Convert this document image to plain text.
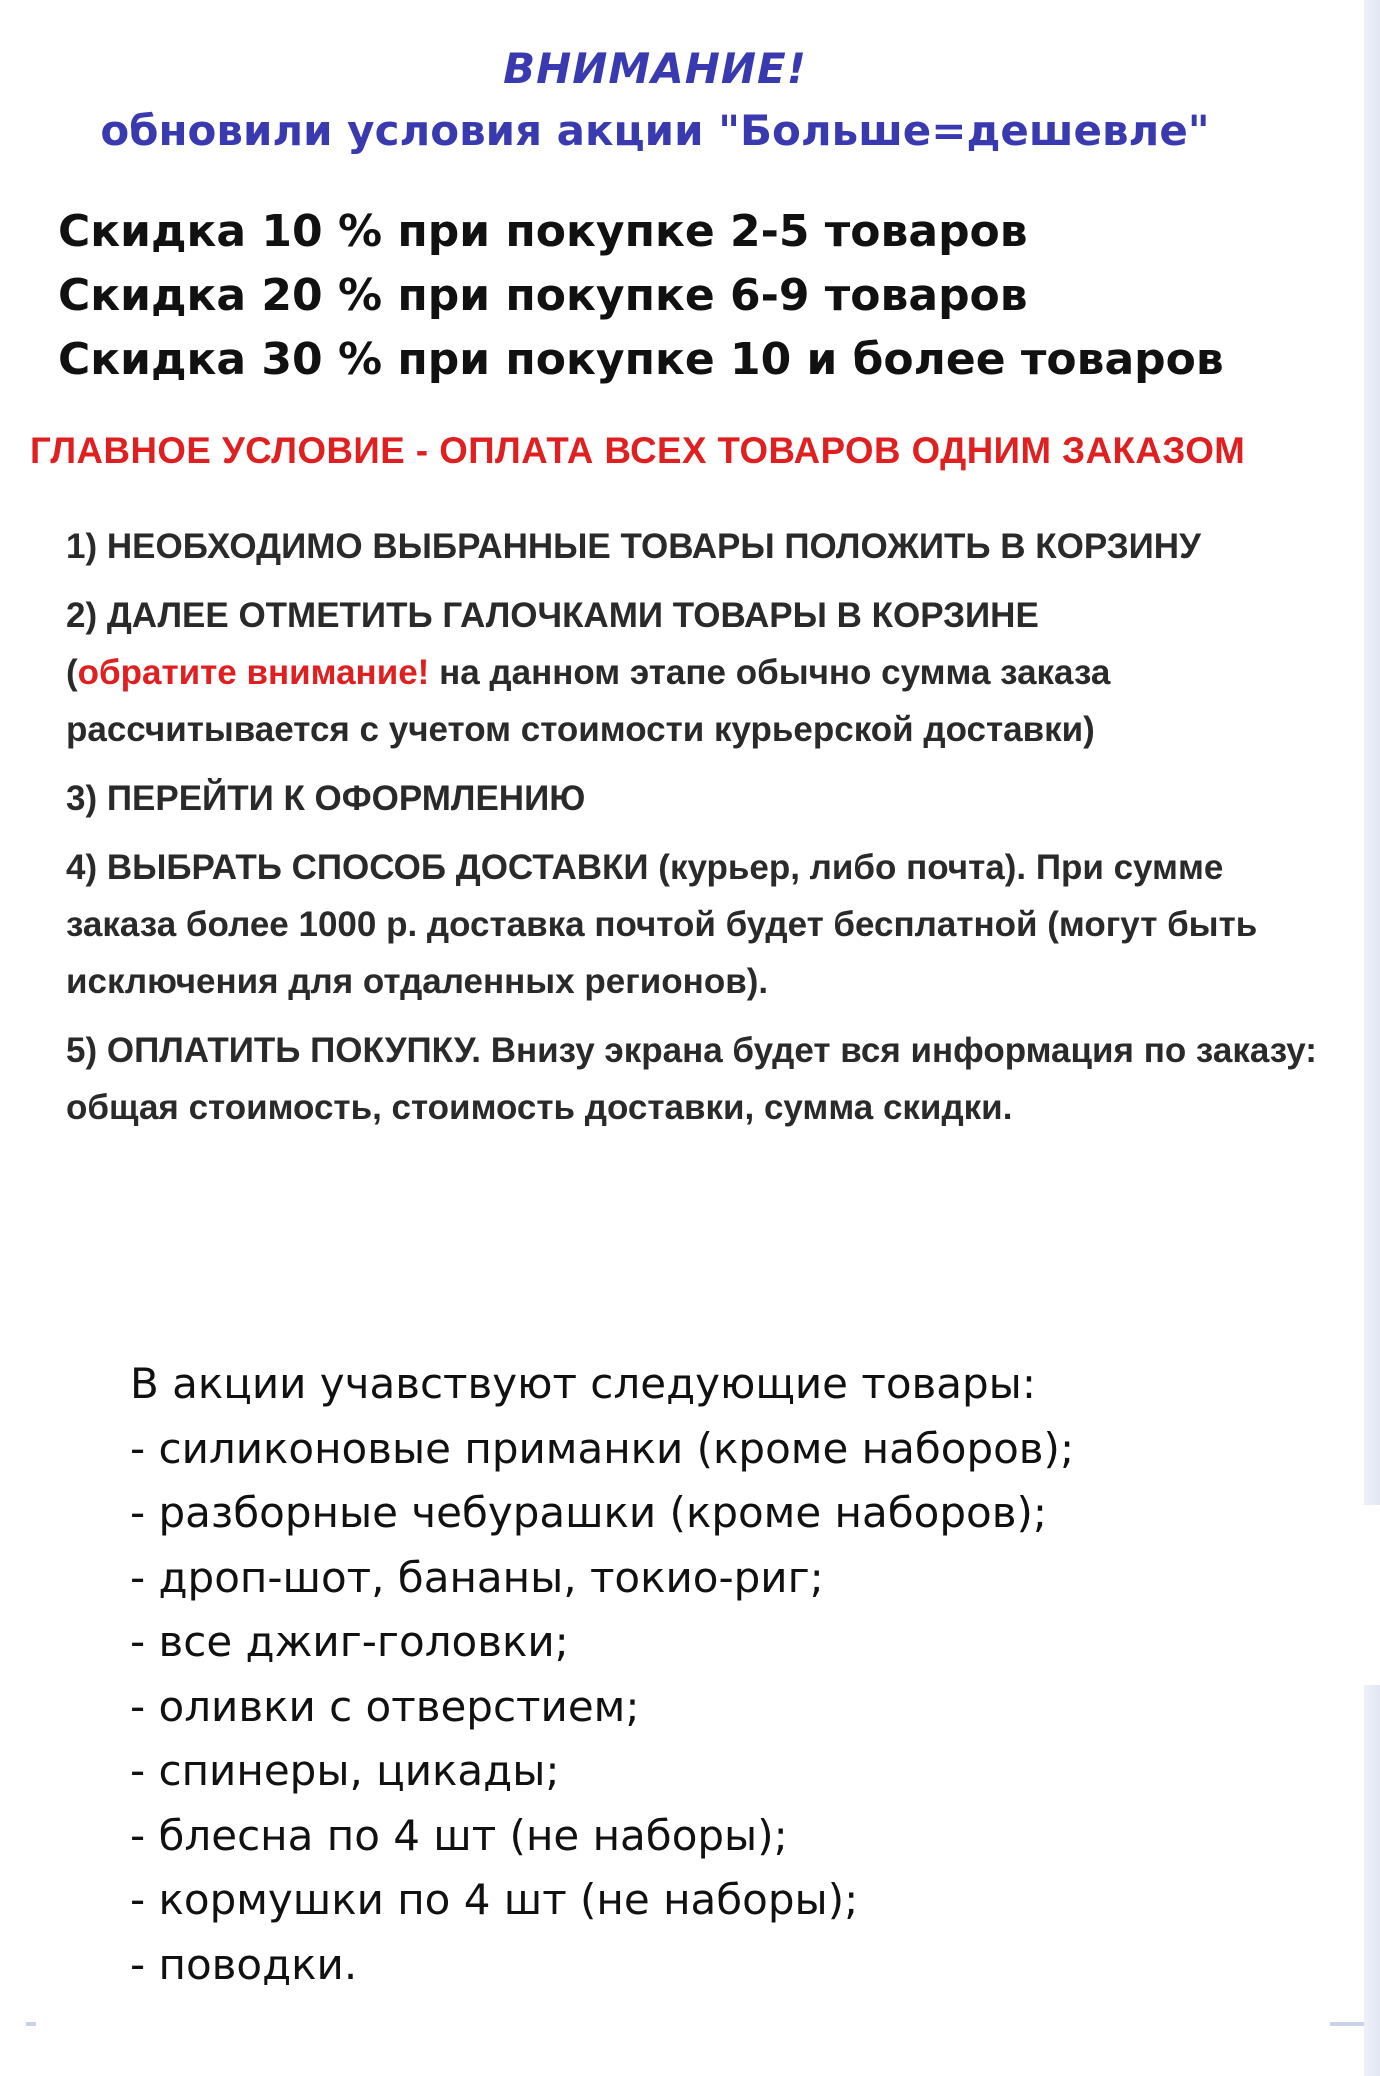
ВНИМАНИЕ!
обновили условия акции "Больше=дешевле"
Скидка 10 % при покупке 2-5 товаров
Скидка 20 % при покупке 6-9 товаров
Скидка 30 % при покупке 10 и более товаров
ГЛАВНОЕ УСЛОВИЕ - ОПЛАТА ВСЕХ ТОВАРОВ ОДНИМ ЗАКАЗОМ
1) НЕОБХОДИМО ВЫБРАННЫЕ ТОВАРЫ ПОЛОЖИТЬ В КОРЗИНУ
2) ДАЛЕЕ ОТМЕТИТЬ ГАЛОЧКАМИ ТОВАРЫ В КОРЗИНЕ
(обратите внимание! на данном этапе обычно сумма заказа рассчитывается с учетом стоимости курьерской доставки)
3) ПЕРЕЙТИ К ОФОРМЛЕНИЮ
4) ВЫБРАТЬ СПОСОБ ДОСТАВКИ (курьер, либо почта). При сумме заказа более 1000 р. доставка почтой будет бесплатной (могут быть исключения для отдаленных регионов).
5) ОПЛАТИТЬ ПОКУПКУ. Внизу экрана будет вся информация по заказу: общая стоимость, стоимость доставки, сумма скидки.

В акции учавствуют следующие товары:

- силиконовые приманки (кроме наборов);

- разборные чебурашки (кроме наборов);

- дроп-шот, бананы, токио-риг;

- все джиг-головки;

- оливки с отверстием;

- спинеры, цикады;

- блесна по 4 шт (не наборы);

- кормушки по 4 шт (не наборы);

- поводки.
